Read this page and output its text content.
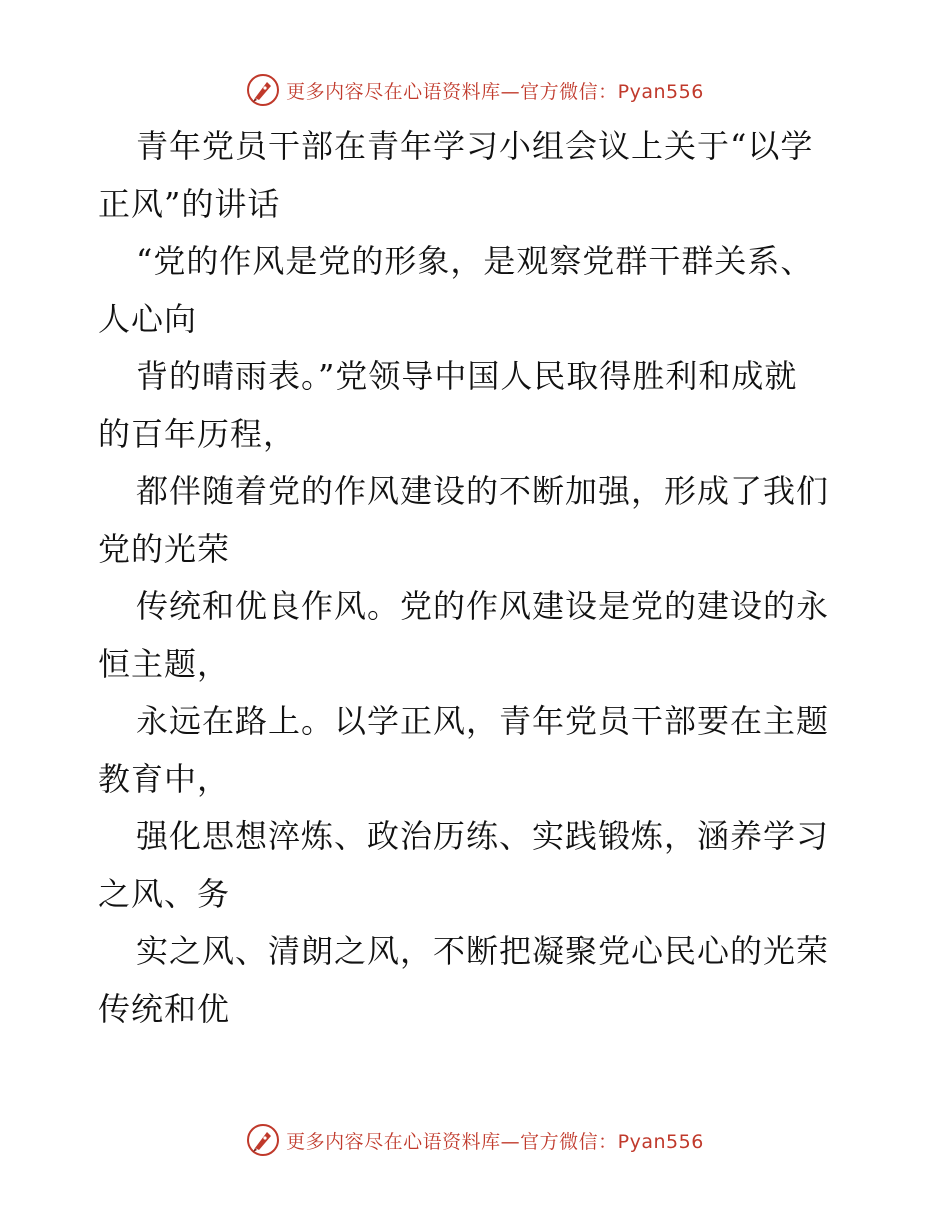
更多内容尽在心语资料库—官方微信：Pyan556
青年党员干部在青年学习小组会议上关于“以学
正风”的讲话
“党的作风是党的形象，是观察党群干群关系、
人心向
背的晴雨表。”党领导中国人民取得胜利和成就
的百年历程，
都伴随着党的作风建设的不断加强，形成了我们
党的光荣
传统和优良作风。党的作风建设是党的建设的永
恒主题，
永远在路上。以学正风，青年党员干部要在主题
教育中，
强化思想淬炼、政治历练、实践锻炼，涵养学习
之风、务
实之风、清朗之风，不断把凝聚党心民心的光荣
传统和优
更多内容尽在心语资料库—官方微信：Pyan556
